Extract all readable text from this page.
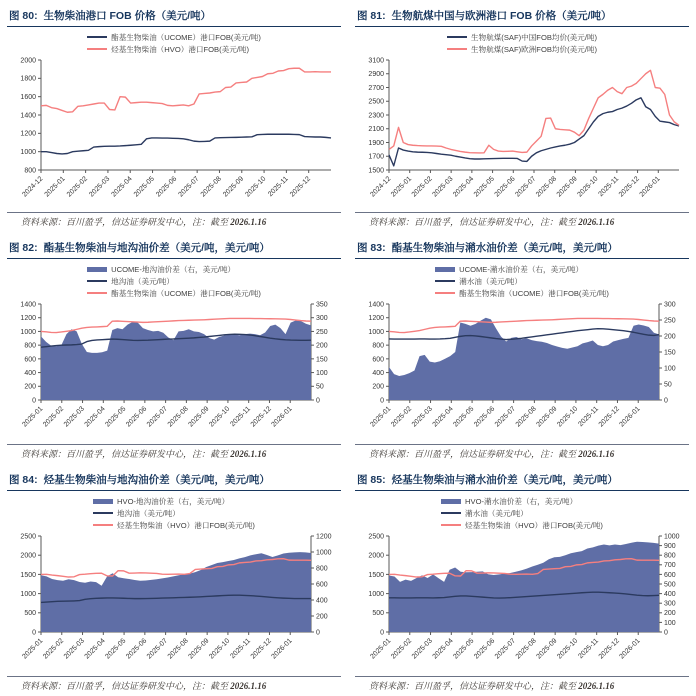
图 80: 生物柴油港口 FOB 价格（美元/吨）
酯基生物柴油（UCOME）港口FOB(美元/吨)
烃基生物柴油（HVO）港口FOB(美元/吨)
800
1000
1200
1400
1600
1800
2000
2024-12 2025-01 2025-02 2025-03 2025-04 2025-05 2025-06 2025-07 2025-08 2025-09 2025-10 2025-11 2025-12
资料来源：百川盈孚，信达证券研发中心，注：截至 2026.1.16
图 81: 生物航煤中国与欧洲港口 FOB 价格（美元/吨）
生物航煤(SAF)中国FOB均价(美元/吨)
生物航煤(SAF)欧洲FOB均价(美元/吨)
1500
1700
1900
2100
2300
2500
2700
2900
3100
2024-12
2025-01
2025-02
2025-03
2025-04
2025-05
2025-06
2025-07
2025-08
2025-09
2025-10
2025-11
2025-12
2026-01
资料来源：百川盈孚，信达证券研发中心，注：截至 2026.1.16
图 82: 酯基生物柴油与地沟油价差（美元/吨，美元/吨）
UCOME-地沟油价差（右，美元/吨）
地沟油（美元/吨）
酯基生物柴油（UCOME）港口FOB(美元/吨)
0
200
400
600
800
1000
1200
1400
0
50
100
150
200
250
300
350
2025-01
2025-02
2025-03
2025-04
2025-05
2025-06
2025-07
2025-08
2025-09
2025-10
2025-11
2025-12
2026-01
资料来源：百川盈孚，信达证券研发中心，注：截至 2026.1.16
图 83: 酯基生物柴油与潲水油价差（美元/吨，美元/吨）
UCOME-潲水油价差（右，美元/吨）
潲水油（美元/吨）
酯基生物柴油（UCOME）港口FOB(美元/吨)
0
200
400
600
800
1000
1200
1400
0
50
100
150
200
250
300
2025-01
2025-02
2025-03
2025-04
2025-05
2025-06
2025-07
2025-08
2025-09
2025-10
2025-11
2025-12
2026-01
资料来源：百川盈孚，信达证券研发中心，注：截至 2026.1.16
图 84: 烃基生物柴油与地沟油价差（美元/吨，美元/吨）
HVO-地沟油价差（右，美元/吨）
地沟油（美元/吨）
烃基生物柴油（HVO）港口FOB(美元/吨)
0
500
1000
1500
2000
2500
0
200
400
600
800
1000
1200
2025-01
2025-02
2025-03
2025-04
2025-05
2025-06
2025-07
2025-08
2025-09
2025-10
2025-11
2025-12
2026-01
资料来源：百川盈孚，信达证券研发中心，注：截至 2026.1.16
图 85: 烃基生物柴油与潲水油价差（美元/吨，美元/吨）
HVO-潲水油价差（右，美元/吨）
潲水油（美元/吨）
烃基生物柴油（HVO）港口FOB(美元/吨)
0
500
1000
1500
2000
2500
0
100
200
300
400
500
600
700
800
900
1000
2025-01
2025-02
2025-03
2025-04
2025-05
2025-06
2025-07
2025-08
2025-09
2025-10
2025-11
2025-12
2026-01
资料来源：百川盈孚，信达证券研发中心，注：截至 2026.1.16
